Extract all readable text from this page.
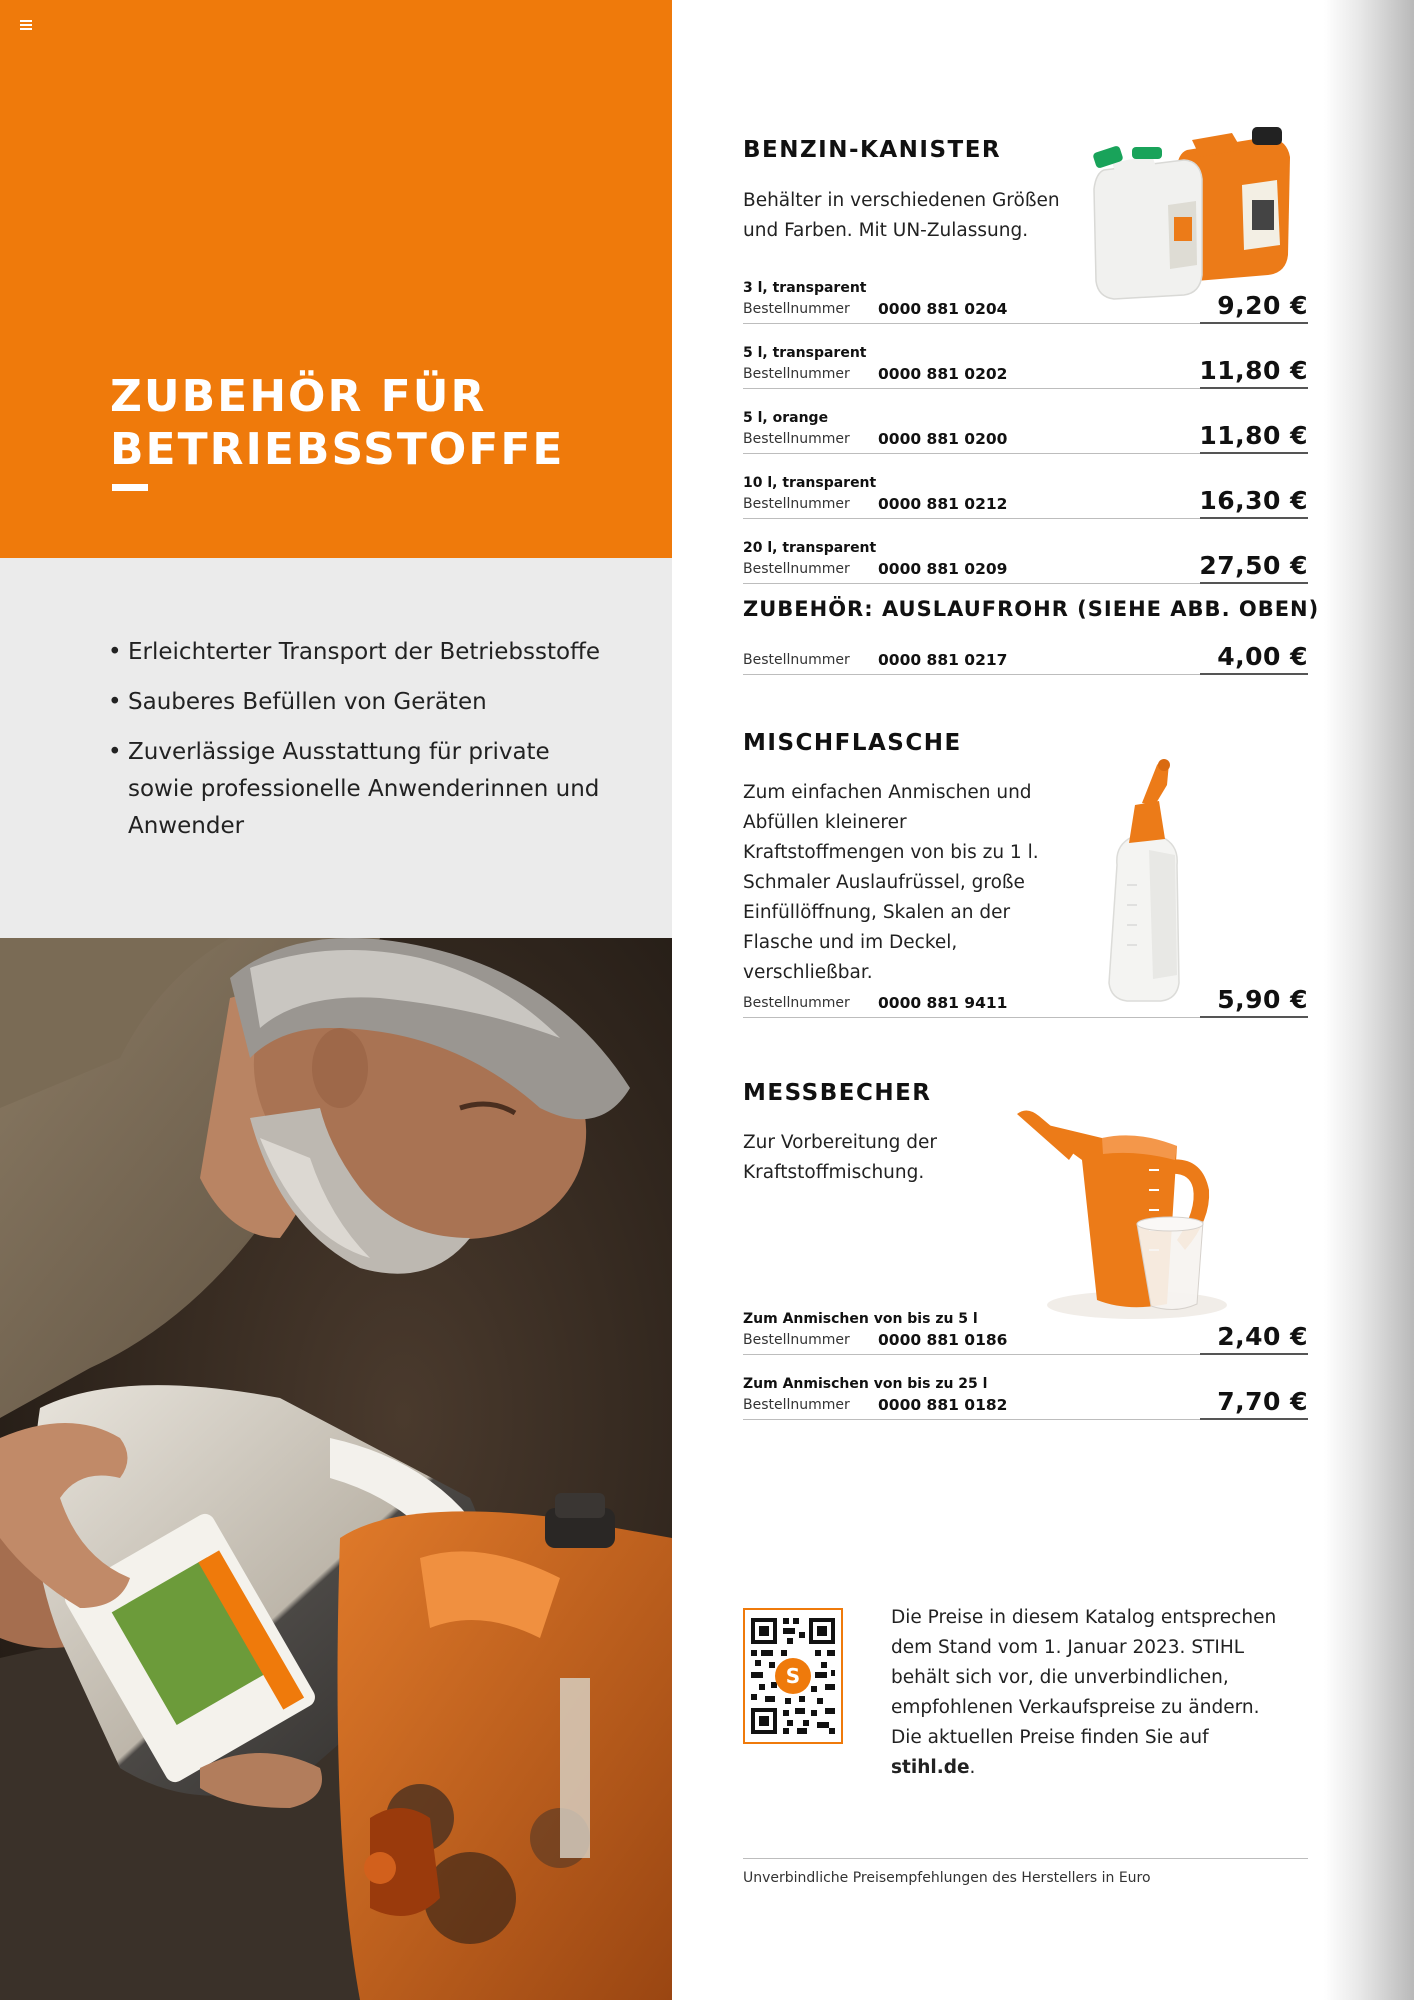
ZUBEHÖR FÜR
BETRIEBSSTOFFE
• Erleichterter Transport der Betriebsstoffe
• Sauberes Befüllen von Geräten
• Zuverlässige Ausstattung für private sowie professionelle Anwenderinnen und Anwender
BENZIN-KANISTER

Behälter in verschiedenen Größen und Farben. Mit UN-Zulassung.

3 l, transparent
Bestellnummer 0000 881 0204	9,20 €
5 l, transparent
Bestellnummer 0000 881 0202	11,80 €
5 l, orange
Bestellnummer 0000 881 0200	11,80 €
10 l, transparent
Bestellnummer 0000 881 0212	16,30 €
20 l, transparent
Bestellnummer 0000 881 0209	27,50 €
ZUBEHÖR: AUSLAUFROHR (SIEHE ABB. OBEN)
Bestellnummer 0000 881 0217	4,00 €
MISCHFLASCHE

Zum einfachen Anmischen und Abfüllen kleinerer Kraftstoffmengen von bis zu 1 l. Schmaler Auslaufrüssel, große Einfüllöffnung, Skalen an der Flasche und im Deckel, verschließbar.

Bestellnummer 0000 881 9411	5,90 €
MESSBECHER

Zur Vorbereitung der Kraftstoffmischung.

Zum Anmischen von bis zu 5 l
Bestellnummer 0000 881 0186	2,40 €
Zum Anmischen von bis zu 25 l
Bestellnummer 0000 881 0182	7,70 €
S

Die Preise in diesem Katalog entsprechen dem Stand vom 1. Januar 2023. STIHL behält sich vor, die unverbindlichen, empfohlenen Verkaufspreise zu ändern. Die aktuellen Preise finden Sie auf stihl.de.

Unverbindliche Preisempfehlungen des Herstellers in Euro
